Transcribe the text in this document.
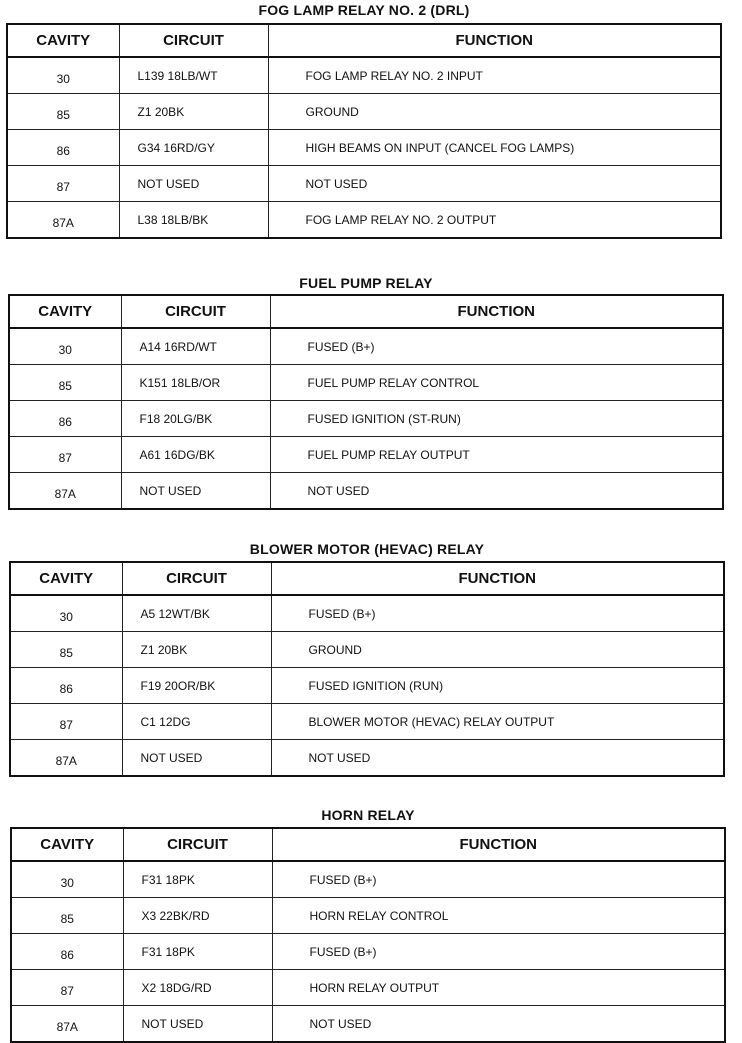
FOG LAMP RELAY NO. 2 (DRL)
CAVITY	CIRCUIT	FUNCTION
30	L139 18LB/WT	FOG LAMP RELAY NO. 2 INPUT
85	Z1 20BK	GROUND
86	G34 16RD/GY	HIGH BEAMS ON INPUT (CANCEL FOG LAMPS)
87	NOT USED	NOT USED
87A	L38 18LB/BK	FOG LAMP RELAY NO. 2 OUTPUT
FUEL PUMP RELAY
CAVITY	CIRCUIT	FUNCTION
30	A14 16RD/WT	FUSED (B+)
85	K151 18LB/OR	FUEL PUMP RELAY CONTROL
86	F18 20LG/BK	FUSED IGNITION (ST-RUN)
87	A61 16DG/BK	FUEL PUMP RELAY OUTPUT
87A	NOT USED	NOT USED
BLOWER MOTOR (HEVAC) RELAY
CAVITY	CIRCUIT	FUNCTION
30	A5 12WT/BK	FUSED (B+)
85	Z1 20BK	GROUND
86	F19 20OR/BK	FUSED IGNITION (RUN)
87	C1 12DG	BLOWER MOTOR (HEVAC) RELAY OUTPUT
87A	NOT USED	NOT USED
HORN RELAY
CAVITY	CIRCUIT	FUNCTION
30	F31 18PK	FUSED (B+)
85	X3 22BK/RD	HORN RELAY CONTROL
86	F31 18PK	FUSED (B+)
87	X2 18DG/RD	HORN RELAY OUTPUT
87A	NOT USED	NOT USED
